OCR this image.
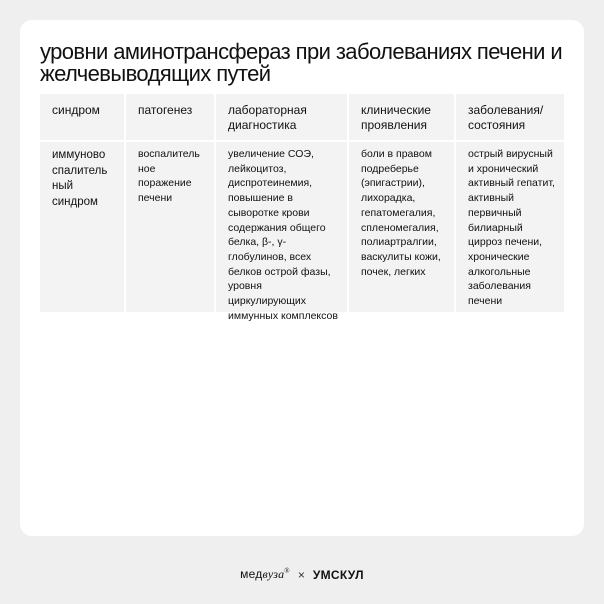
уровни аминотрансфераз при заболеваниях печени и желчевыводящих путей
синдром	патогенез	лабораторная диагностика
клинические проявления
заболевания/ состояния
иммуново спалитель ный синдром
воспалитель ное поражение печени
увеличение СОЭ, лейкоцитоз, диспротеинемия, повышение в сыворотке крови содержания общего белка, β-, γ-глобулинов, всех белков острой фазы, уровня циркулирующих иммунных комплексов
боли в правом подреберье (эпигастрии), лихорадка, гепатомегалия, спленомегалия, полиартралгии, васкулиты кожи, почек, легких
острый вирусный и хронический активный гепатит, активный первичный билиарный цирроз печени, хронические алкогольные заболевания печени
медвуза® × УМСКУЛ
